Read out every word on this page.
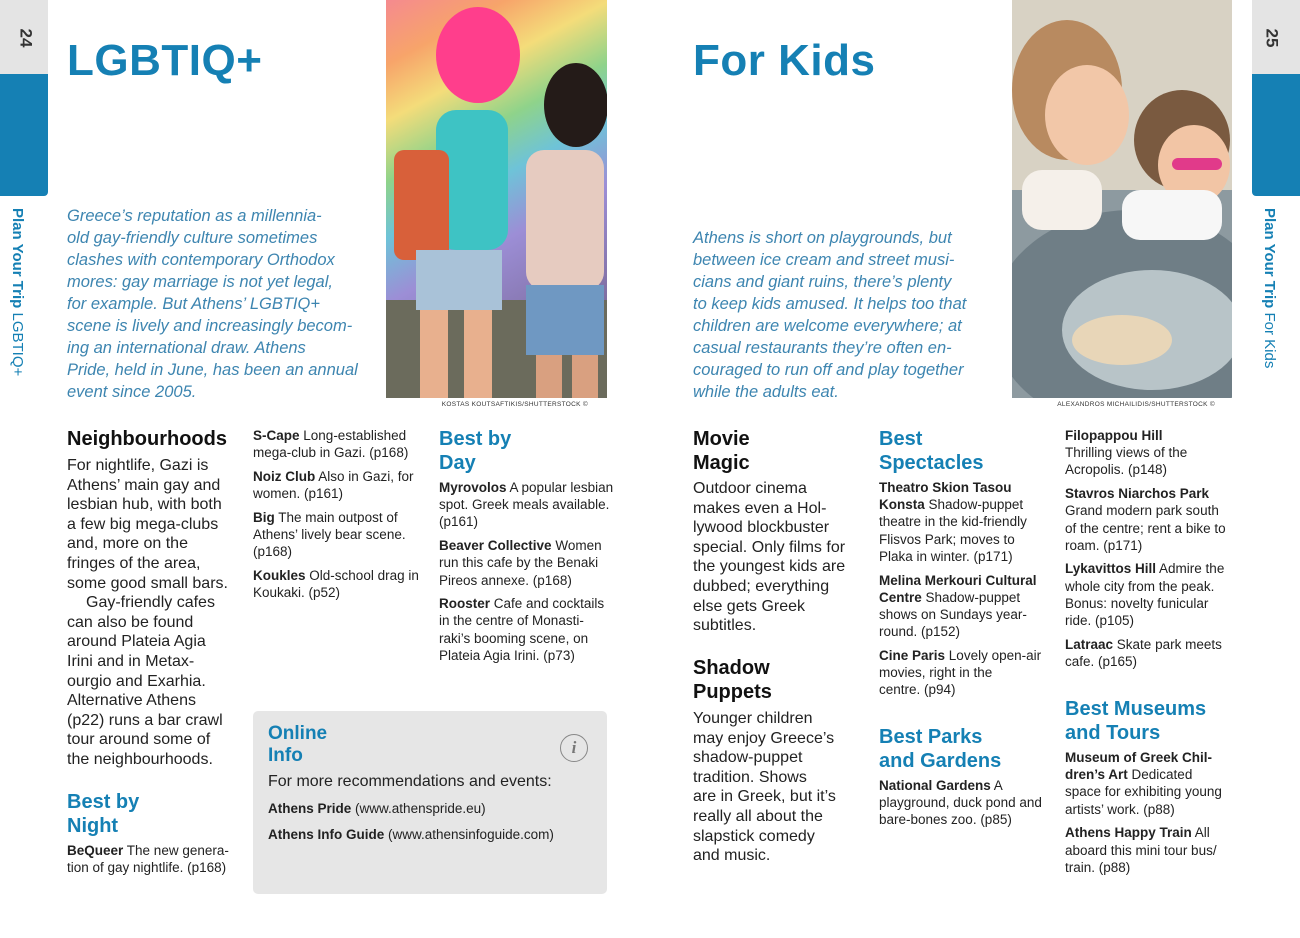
24
Plan Your Trip LGBTIQ+
LGBTIQ+
Greece’s reputation as a millennia-
old gay-friendly culture sometimes
clashes with contemporary Orthodox
mores: gay marriage is not yet legal,
for example. But Athens’ LGBTIQ+
scene is lively and increasingly becom-
ing an international draw. Athens
Pride, held in June, has been an annual
event since 2005.
KOSTAS KOUTSAFTIKIS/SHUTTERSTOCK ©
Neighbourhoods
For nightlife, Gazi is
Athens’ main gay and
lesbian hub, with both
a few big mega-clubs
and, more on the
fringes of the area,
some good small bars.
Gay-friendly cafes
can also be found
around Plateia Agia
Irini and in Metax-
ourgio and Exarhia.
Alternative Athens
(p22) runs a bar crawl
tour around some of
the neighbourhoods.
Best by
Night
BeQueer The new genera-
tion of gay nightlife. (p168)
S-Cape Long-established
mega-club in Gazi. (p168)
Noiz Club Also in Gazi, for
women. (p161)
Big The main outpost of
Athens’ lively bear scene.
(p168)
Koukles Old-school drag in
Koukaki. (p52)
Best by
Day
Myrovolos A popular lesbian
spot. Greek meals available.
(p161)
Beaver Collective Women
run this cafe by the Benaki
Pireos annexe. (p168)
Rooster Cafe and cocktails
in the centre of Monasti-
raki’s booming scene, on
Plateia Agia Irini. (p73)
Online
Info	i
For more recommendations and events:
Athens Pride (www.athenspride.eu)
Athens Info Guide (www.athensinfoguide.com)
25
Plan Your Trip For Kids
For Kids
Athens is short on playgrounds, but
between ice cream and street musi-
cians and giant ruins, there’s plenty
to keep kids amused. It helps too that
children are welcome everywhere; at
casual restaurants they’re often en-
couraged to run off and play together
while the adults eat.
ALEXANDROS MICHAILIDIS/SHUTTERSTOCK ©
Movie
Magic
Outdoor cinema
makes even a Hol-
lywood blockbuster
special. Only films for
the youngest kids are
dubbed; everything
else gets Greek
subtitles.
Shadow
Puppets
Younger children
may enjoy Greece’s
shadow-puppet
tradition. Shows
are in Greek, but it’s
really all about the
slapstick comedy
and music.
Best
Spectacles
Theatro Skion Tasou Konsta Shadow-puppet
theatre in the kid-friendly
Flisvos Park; moves to
Plaka in winter. (p171)
Melina Merkouri Cultural Centre Shadow-puppet
shows on Sundays year-
round. (p152)
Cine Paris Lovely open-air
movies, right in the
centre. (p94)
Best Parks
and Gardens
National Gardens A
playground, duck pond and
bare-bones zoo. (p85)
Filopappou Hill
Thrilling views of the
Acropolis. (p148)
Stavros Niarchos Park
Grand modern park south
of the centre; rent a bike to
roam. (p171)
Lykavittos Hill Admire the
whole city from the peak.
Bonus: novelty funicular
ride. (p105)
Latraac Skate park meets
cafe. (p165)
Best Museums
and Tours
Museum of Greek Chil-dren’s Art Dedicated
space for exhibiting young
artists’ work. (p88)
Athens Happy Train All
aboard this mini tour bus/
train. (p88)
